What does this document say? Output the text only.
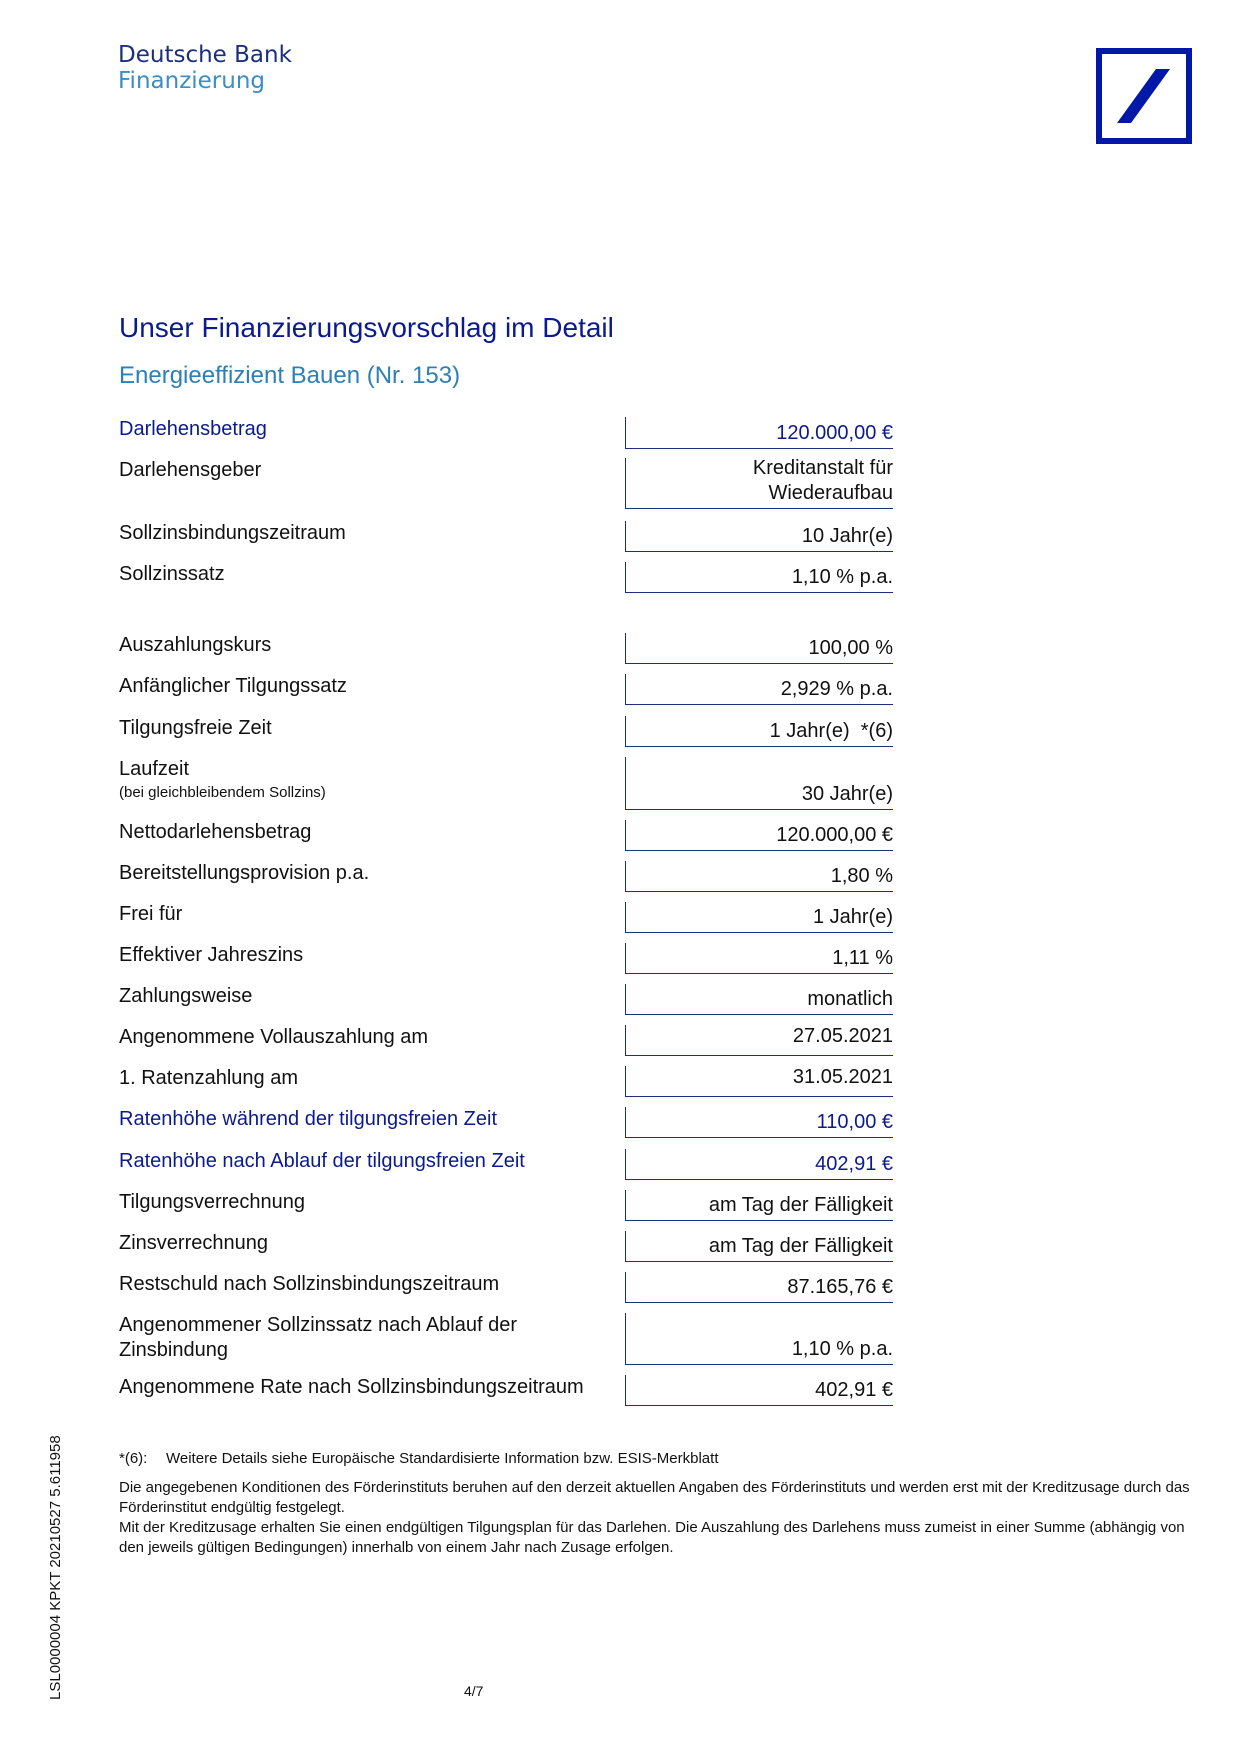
Deutsche Bank
Finanzierung
Unser Finanzierungsvorschlag im Detail
Energieeffizient Bauen (Nr. 153)
Darlehensbetrag	120.000,00 €
Darlehensgeber	Kreditanstalt für
Wiederaufbau
Sollzinsbindungszeitraum	10 Jahr(e)
Sollzinssatz	1,10 % p.a.
Auszahlungskurs	100,00 %
Anfänglicher Tilgungssatz	2,929 % p.a.
Tilgungsfreie Zeit	1 Jahr(e)  *(6)
Laufzeit
(bei gleichbleibendem Sollzins)	30 Jahr(e)
Nettodarlehensbetrag	120.000,00 €
Bereitstellungsprovision p.a.	1,80 %
Frei für	1 Jahr(e)
Effektiver Jahreszins	1,11 %
Zahlungsweise	monatlich
Angenommene Vollauszahlung am	27.05.2021
1. Ratenzahlung am	31.05.2021
Ratenhöhe während der tilgungsfreien Zeit	110,00 €
Ratenhöhe nach Ablauf der tilgungsfreien Zeit	402,91 €
Tilgungsverrechnung	am Tag der Fälligkeit
Zinsverrechnung	am Tag der Fälligkeit
Restschuld nach Sollzinsbindungszeitraum	87.165,76 €
Angenommener Sollzinssatz nach Ablauf der
Zinsbindung	1,10 % p.a.
Angenommene Rate nach Sollzinsbindungszeitraum	402,91 €
*(6): Weitere Details siehe Europäische Standardisierte Information bzw. ESIS-Merkblatt

Die angegebenen Konditionen des Förderinstituts beruhen auf den derzeit aktuellen Angaben des Förderinstituts und werden erst mit der Kreditzusage durch das Förderinstitut endgültig festgelegt.

Mit der Kreditzusage erhalten Sie einen endgültigen Tilgungsplan für das Darlehen. Die Auszahlung des Darlehens muss zumeist in einer Summe (abhängig von den jeweils gültigen Bedingungen) innerhalb von einem Jahr nach Zusage erfolgen.

LSL0000004 KPKT 20210527 5.611958	4/7
